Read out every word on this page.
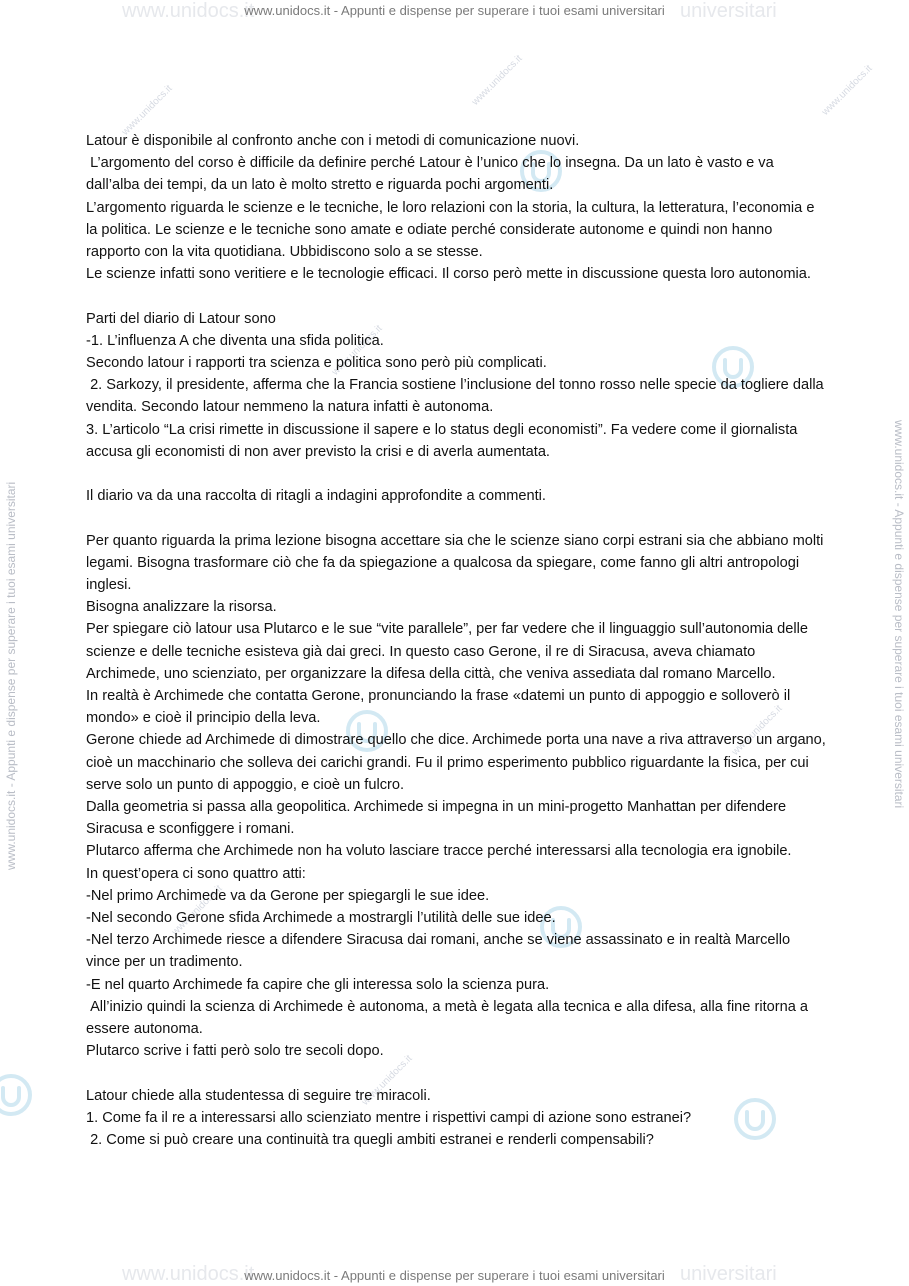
www.unidocs.it	universitari
www.unidocs.it	universitari
www.unidocs.it - Appunti e dispense per superare i tuoi esami universitari
www.unidocs.it - Appunti e dispense per superare i tuoi esami universitari
www.unidocs.it - Appunti e dispense per superare i tuoi esami universitari	www.unidocs.it - Appunti e dispense per superare i tuoi esami universitari
www.unidocs.it
www.unidocs.it	www.unidocs.it
www.unidocs.it
www.unidocs.it
www.unidocs.it
www.unidocs.it

Latour è disponibile al confronto anche con i metodi di comunicazione nuovi.

L’argomento del corso è difficile da definire perché Latour è l’unico che lo insegna. Da un lato è vasto e va dall’alba dei tempi, da un lato è molto stretto e riguarda pochi argomenti.

L’argomento riguarda le scienze e le tecniche, le loro relazioni con la storia, la cultura, la letteratura, l’economia e la politica. Le scienze e le tecniche sono amate e odiate perché considerate autonome e quindi non hanno rapporto con la vita quotidiana. Ubbidiscono solo a se stesse.

Le scienze infatti sono veritiere e le tecnologie efficaci. Il corso però mette in discussione questa loro autonomia.

Parti del diario di Latour sono

-1. L’influenza A che diventa una sfida politica.

Secondo latour i rapporti tra scienza e politica sono però più complicati.

2. Sarkozy, il presidente, afferma che la Francia sostiene l’inclusione del tonno rosso nelle specie da togliere dalla vendita. Secondo latour nemmeno la natura infatti è autonoma.

3. L’articolo “La crisi rimette in discussione il sapere e lo status degli economisti”. Fa vedere come il giornalista accusa gli economisti di non aver previsto la crisi e di averla aumentata.

Il diario va da una raccolta di ritagli a indagini approfondite a commenti.

Per quanto riguarda la prima lezione bisogna accettare sia che le scienze siano corpi estrani sia che abbiano molti legami. Bisogna trasformare ciò che fa da spiegazione a qualcosa da spiegare, come fanno gli altri antropologi inglesi.

Bisogna analizzare la risorsa.

Per spiegare ciò latour usa Plutarco e le sue “vite parallele”, per far vedere che il linguaggio sull’autonomia delle scienze e delle tecniche esisteva già dai greci. In questo caso Gerone, il re di Siracusa, aveva chiamato Archimede, uno scienziato, per organizzare la difesa della città, che veniva assediata dal romano Marcello.

In realtà è Archimede che contatta Gerone, pronunciando la frase «datemi un punto di appoggio e solloverò il mondo» e cioè il principio della leva.

Gerone chiede ad Archimede di dimostrare quello che dice. Archimede porta una nave a riva attraverso un argano, cioè un macchinario che solleva dei carichi grandi. Fu il primo esperimento pubblico riguardante la fisica, per cui serve solo un punto di appoggio, e cioè un fulcro.

Dalla geometria si passa alla geopolitica. Archimede si impegna in un mini-progetto Manhattan per difendere Siracusa e sconfiggere i romani.

Plutarco afferma che Archimede non ha voluto lasciare tracce perché interessarsi alla tecnologia era ignobile.

In quest’opera ci sono quattro atti:

-Nel primo Archimede va da Gerone per spiegargli le sue idee.

-Nel secondo Gerone sfida Archimede a mostrargli l’utilità delle sue idee.

-Nel terzo Archimede riesce a difendere Siracusa dai romani, anche se viene assassinato e in realtà Marcello vince per un tradimento.

-E nel quarto Archimede fa capire che gli interessa solo la scienza pura.

All’inizio quindi la scienza di Archimede è autonoma, a metà è legata alla tecnica e alla difesa, alla fine ritorna a essere autonoma.

Plutarco scrive i fatti però solo tre secoli dopo.

Latour chiede alla studentessa di seguire tre miracoli.

1. Come fa il re a interessarsi allo scienziato mentre i rispettivi campi di azione sono estranei?

2. Come si può creare una continuità tra quegli ambiti estranei e renderli compensabili?
